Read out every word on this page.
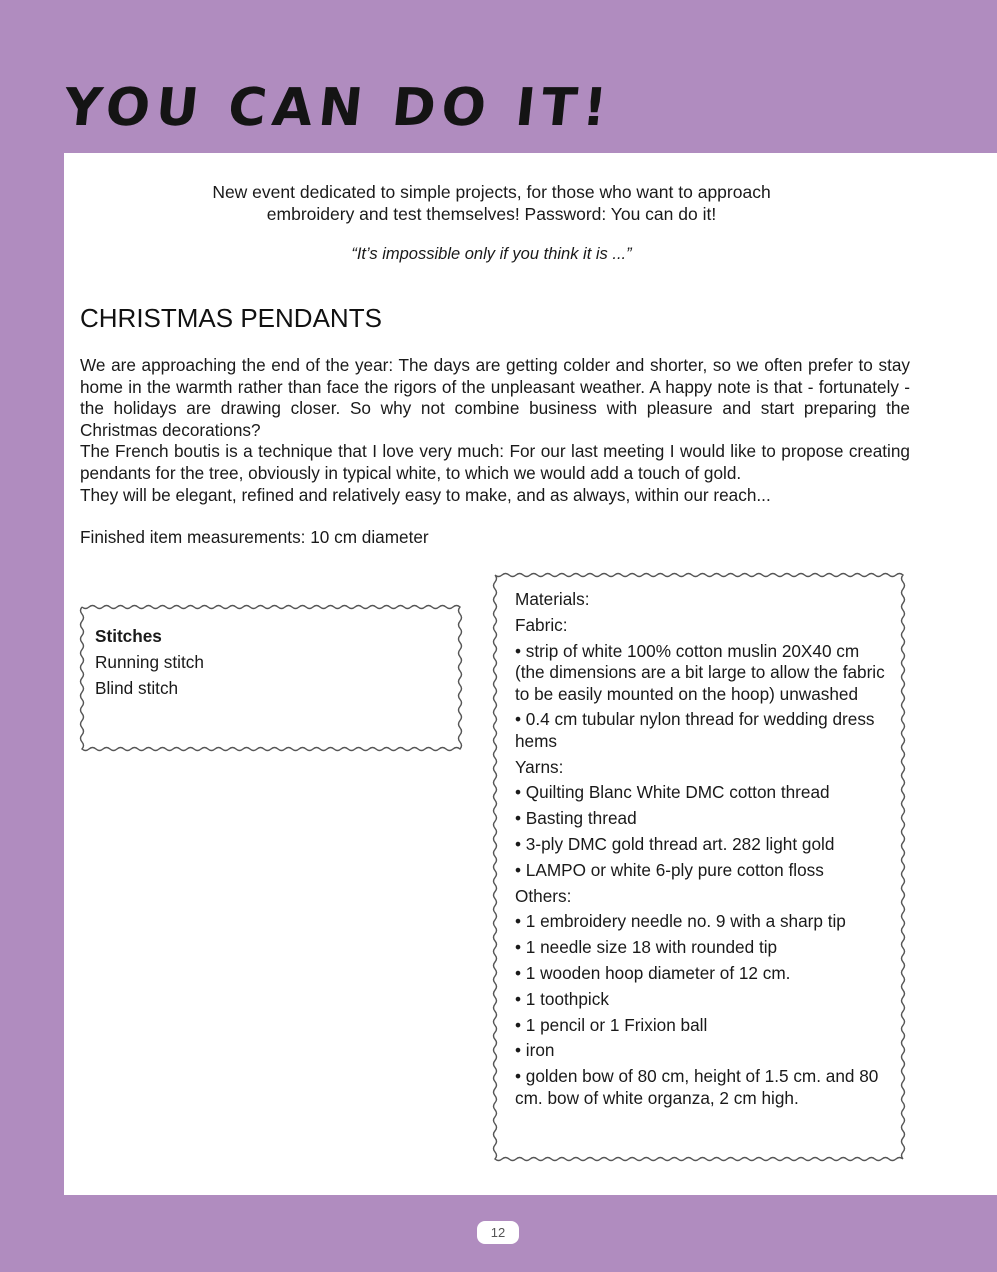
YOU CAN DO IT!

New event dedicated to simple projects, for those who want to approach embroidery and test themselves! Password: You can do it!

“It’s impossible only if you think it is ...”

CHRISTMAS PENDANTS

We are approaching the end of the year: The days are getting colder and shorter, so we often prefer to stay home in the warmth rather than face the rigors of the unpleasant weather. A happy note is that - fortunately - the holidays are drawing closer. So why not combine business with pleasure and start preparing the Christmas decorations?

The French boutis is a technique that I love very much: For our last meeting I would like to propose creating pendants for the tree, obviously in typical white, to which we would add a touch of gold.

They will be elegant, refined and relatively easy to make, and as always, within our reach...

Finished item measurements: 10 cm diameter

Stitches
Running stitch
Blind stitch
Materials:
Fabric:
• strip of white 100% cotton muslin 20X40 cm (the dimensions are a bit large to allow the fabric to be easily mounted on the hoop) unwashed
• 0.4 cm tubular nylon thread for wedding dress hems
Yarns:
• Quilting Blanc White DMC cotton thread
• Basting thread
• 3-ply DMC gold thread art. 282 light gold
• LAMPO or white 6-ply pure cotton floss
Others:
• 1 embroidery needle no. 9 with a sharp tip
• 1 needle size 18 with rounded tip
• 1 wooden hoop diameter of 12 cm.
• 1 toothpick
• 1 pencil or 1 Frixion ball
• iron
• golden bow of 80 cm, height of 1.5 cm. and 80 cm. bow of white organza, 2 cm high.
12
